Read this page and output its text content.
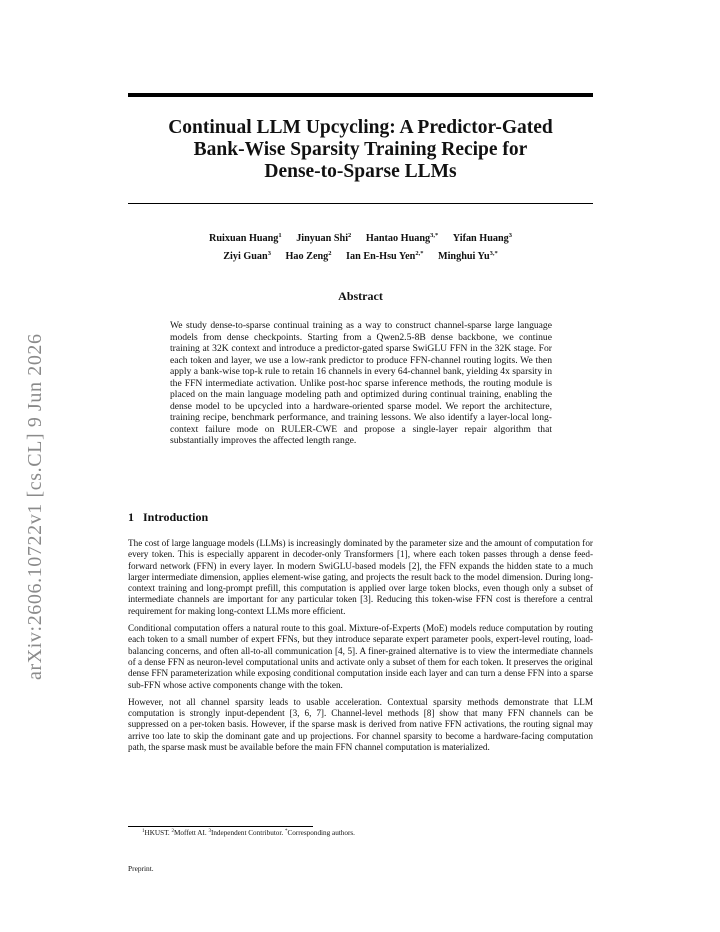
arXiv:2606.10722v1 [cs.CL] 9 Jun 2026
Continual LLM Upcycling: A Predictor-Gated
Bank-Wise Sparsity Training Recipe for
Dense-to-Sparse LLMs
Ruixuan Huang$^1$ Jinyuan Shi$^2$ Hantao Huang$^{3,*}$ Yifan Huang$^3$
Ziyi Guan$^3$ Hao Zeng$^2$ Ian En-Hsu Yen$^{2,*}$ Minghui $Yu^{3,*}$
Abstract
We study dense-to-sparse continual training as a way to construct channel-sparse large language models from dense checkpoints. Starting from a Qwen2.5-8B dense backbone, we continue training at 32K context and introduce a predictor-gated sparse SwiGLU FFN in the 32K stage. For each token and layer, we use a low-rank predictor to produce FFN-channel routing logits. We then apply a bank-wise top-k rule to retain 16 channels in every 64-channel bank, yielding 4x sparsity in the FFN intermediate activation. Unlike post-hoc sparse inference methods, the routing module is placed on the main language modeling path and optimized during continual training, enabling the dense model to be upcycled into a hardware-oriented sparse model. We report the architecture, training recipe, benchmark performance, and training lessons. We also identify a layer-local long-context failure mode on RULER-CWE and propose a single-layer repair algorithm that substantially improves the affected length range.
1 Introduction

The cost of large language models (LLMs) is increasingly dominated by the parameter size and the amount of computation for every token. This is especially apparent in decoder-only Transformers [1], where each token passes through a dense feed-forward network (FFN) in every layer. In modern SwiGLU-based models [2], the FFN expands the hidden state to a much larger intermediate dimension, applies element-wise gating, and projects the result back to the model dimension. During long-context training and long-prompt prefill, this computation is applied over large token blocks, even though only a subset of intermediate channels are important for any particular token [3]. Reducing this token-wise FFN cost is therefore a central requirement for making long-context LLMs more efficient.

Conditional computation offers a natural route to this goal. Mixture-of-Experts (MoE) models reduce computation by routing each token to a small number of expert FFNs, but they introduce separate expert parameter pools, expert-level routing, load-balancing concerns, and often all-to-all communication [4, 5]. A finer-grained alternative is to view the intermediate channels of a dense FFN as neuron-level computational units and activate only a subset of them for each token. It preserves the original dense FFN parameterization while exposing conditional computation inside each layer and can turn a dense FFN into a sparse sub-FFN whose active components change with the token.

However, not all channel sparsity leads to usable acceleration. Contextual sparsity methods demonstrate that LLM computation is strongly input-dependent [3, 6, 7]. Channel-level methods [8] show that many FFN channels can be suppressed on a per-token basis. However, if the sparse mask is derived from native FFN activations, the routing signal may arrive too late to skip the dominant gate and up projections. For channel sparsity to become a hardware-facing computation path, the sparse mask must be available before the main FFN channel computation is materialized.

$^1$HKUST. $^2$Moffett AI. $^3$Independent Contributor. *Corresponding authors.
Preprint.
